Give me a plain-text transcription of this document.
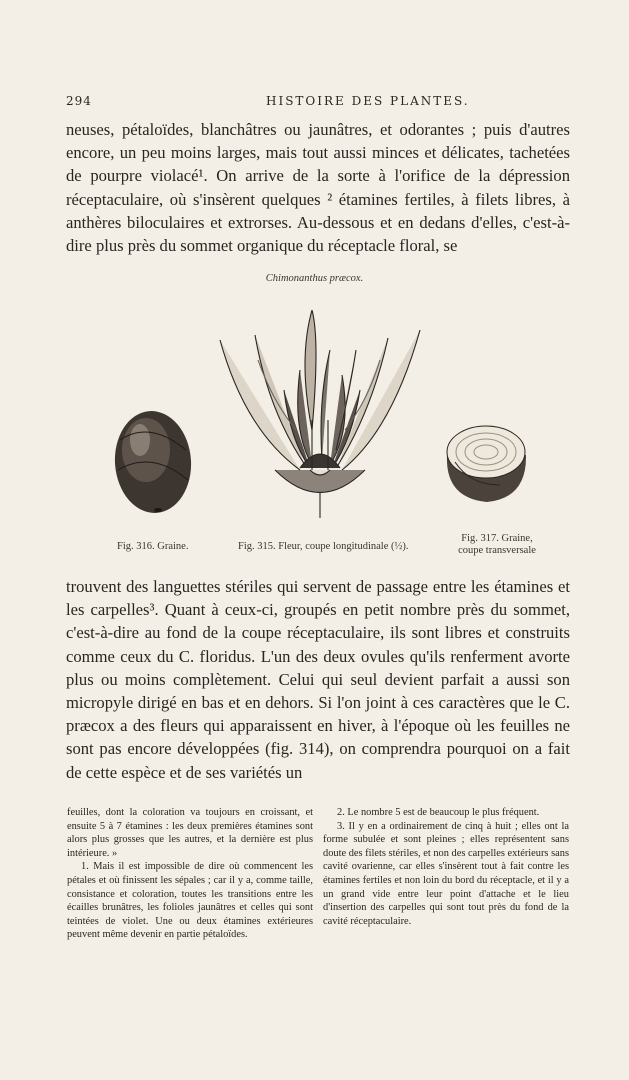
294	HISTOIRE DES PLANTES.

neuses, pétaloïdes, blanchâtres ou jaunâtres, et odorantes ; puis d'autres encore, un peu moins larges, mais tout aussi minces et délicates, tachetées de pourpre violacé¹. On arrive de la sorte à l'orifice de la dépression réceptaculaire, où s'insèrent quelques ² étamines fertiles, à filets libres, à anthères biloculaires et extrorses. Au-dessous et en dedans d'elles, c'est-à-dire plus près du sommet organique du réceptacle floral, se

Chimonanthus præcox.
Fig. 316. Graine.	Fig. 315. Fleur, coupe longitudinale (½).
Fig. 317. Graine,
coupe transversale

trouvent des languettes stériles qui servent de passage entre les étamines et les carpelles³. Quant à ceux-ci, groupés en petit nombre près du sommet, c'est-à-dire au fond de la coupe réceptaculaire, ils sont libres et construits comme ceux du C. floridus. L'un des deux ovules qu'ils renferment avorte plus ou moins complètement. Celui qui seul devient parfait a aussi son micropyle dirigé en bas et en dehors. Si l'on joint à ces caractères que le C. præcox a des fleurs qui apparaissent en hiver, à l'époque où les feuilles ne sont pas encore développées (fig. 314), on comprendra pourquoi on a fait de cette espèce et de ses variétés un

feuilles, dont la coloration va toujours en croissant, et ensuite 5 à 7 étamines : les deux premières étamines sont alors plus grosses que les autres, et la dernière est plus intérieure. »

1. Mais il est impossible de dire où commencent les pétales et où finissent les sépales ; car il y a, comme taille, consistance et coloration, toutes les transitions entre les écailles brunâtres, les folioles jaunâtres et celles qui sont teintées de violet. Une ou deux étamines extérieures peuvent même devenir en partie pétaloïdes.

2. Le nombre 5 est de beaucoup le plus fréquent.

3. Il y en a ordinairement de cinq à huit ; elles ont la forme subulée et sont pleines ; elles représentent sans doute des filets stériles, et non des carpelles extérieurs sans cavité ovarienne, car elles s'insèrent tout à fait contre les étamines fertiles et non loin du bord du réceptacle, et il y a un grand vide entre leur point d'attache et le lieu d'insertion des carpelles qui sont tout près du fond de la cavité réceptaculaire.
